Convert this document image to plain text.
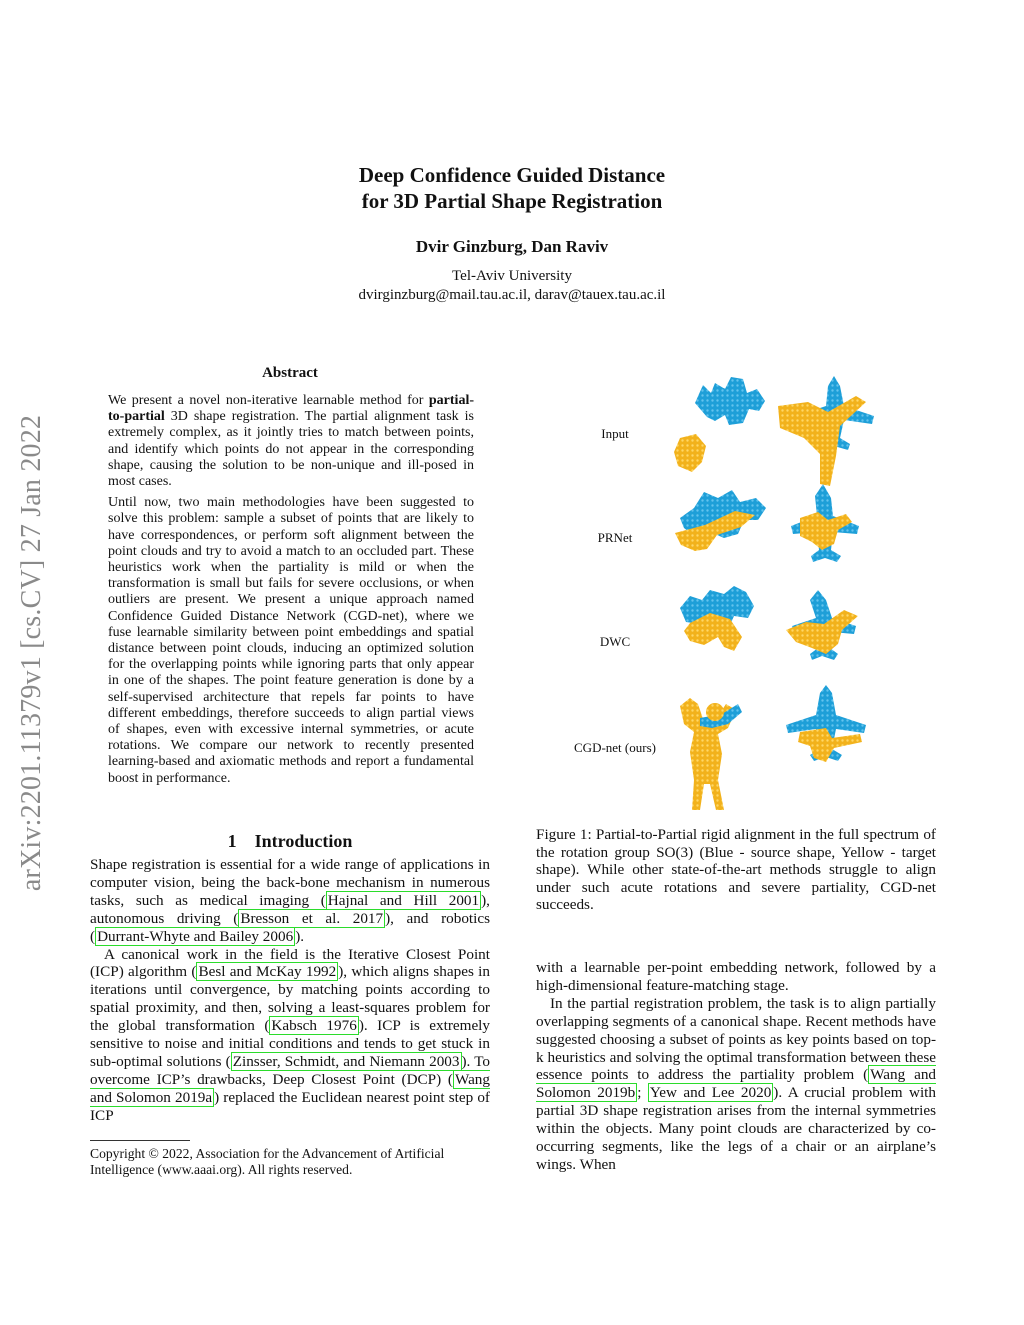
arXiv:2201.11379v1 [cs.CV] 27 Jan 2022
Deep Confidence Guided Distance
for 3D Partial Shape Registration
Dvir Ginzburg, Dan Raviv
Tel-Aviv University
dvirginzburg@mail.tau.ac.il, darav@tauex.tau.ac.il
Abstract

We present a novel non-iterative learnable method for partial-to-partial 3D shape registration. The partial alignment task is extremely complex, as it jointly tries to match between points, and identify which points do not appear in the corresponding shape, causing the solution to be non-unique and ill-posed in most cases.

Until now, two main methodologies have been suggested to solve this problem: sample a subset of points that are likely to have correspondences, or perform soft alignment between the point clouds and try to avoid a match to an occluded part. These heuristics work when the partiality is mild or when the transformation is small but fails for severe occlusions, or when outliers are present. We present a unique approach named Confidence Guided Distance Network (CGD-net), where we fuse learnable similarity between point embeddings and spatial distance between point clouds, inducing an optimized solution for the overlapping points while ignoring parts that only appear in one of the shapes. The point feature generation is done by a self-supervised architecture that repels far points to have different embeddings, therefore succeeds to align partial views of shapes, even with excessive internal symmetries, or acute rotations. We compare our network to recently presented learning-based and axiomatic methods and report a fundamental boost in performance.

1 Introduction

Shape registration is essential for a wide range of applications in computer vision, being the back-bone mechanism in numerous tasks, such as medical imaging ( Hajnal and Hill 2001 ), autonomous driving ( Bresson et al. 2017 ), and robotics ( Durrant-Whyte and Bailey 2006 ).

A canonical work in the field is the Iterative Closest Point (ICP) algorithm ( Besl and McKay 1992 ), which aligns shapes in iterations until convergence, by matching points according to spatial proximity, and then, solving a least-squares problem for the global transformation ( Kabsch 1976 ). ICP is extremely sensitive to noise and initial conditions and tends to get stuck in sub-optimal solutions ( Zinsser, Schmidt, and Niemann 2003 ). To overcome ICP’s drawbacks, Deep Closest Point (DCP) ( Wang and Solomon 2019a ) replaced the Euclidean nearest point step of ICP

Copyright © 2022, Association for the Advancement of Artificial Intelligence (www.aaai.org). All rights reserved.
Input
PRNet
DWC
CGD-net (ours)
Figure 1: Partial-to-Partial rigid alignment in the full spectrum of the rotation group SO(3) (Blue - source shape, Yellow - target shape). While other state-of-the-art methods struggle to align under such acute rotations and severe partiality, CGD-net succeeds.

with a learnable per-point embedding network, followed by a high-dimensional feature-matching stage.

In the partial registration problem, the task is to align partially overlapping segments of a canonical shape. Recent methods have suggested choosing a subset of points as key points based on top-k heuristics and solving the optimal transformation between these essence points to address the partiality problem ( Wang and Solomon 2019b ; Yew and Lee 2020 ). A crucial problem with partial 3D shape registration arises from the internal symmetries within the objects. Many point clouds are characterized by co-occurring segments, like the legs of a chair or an airplane’s wings. When
